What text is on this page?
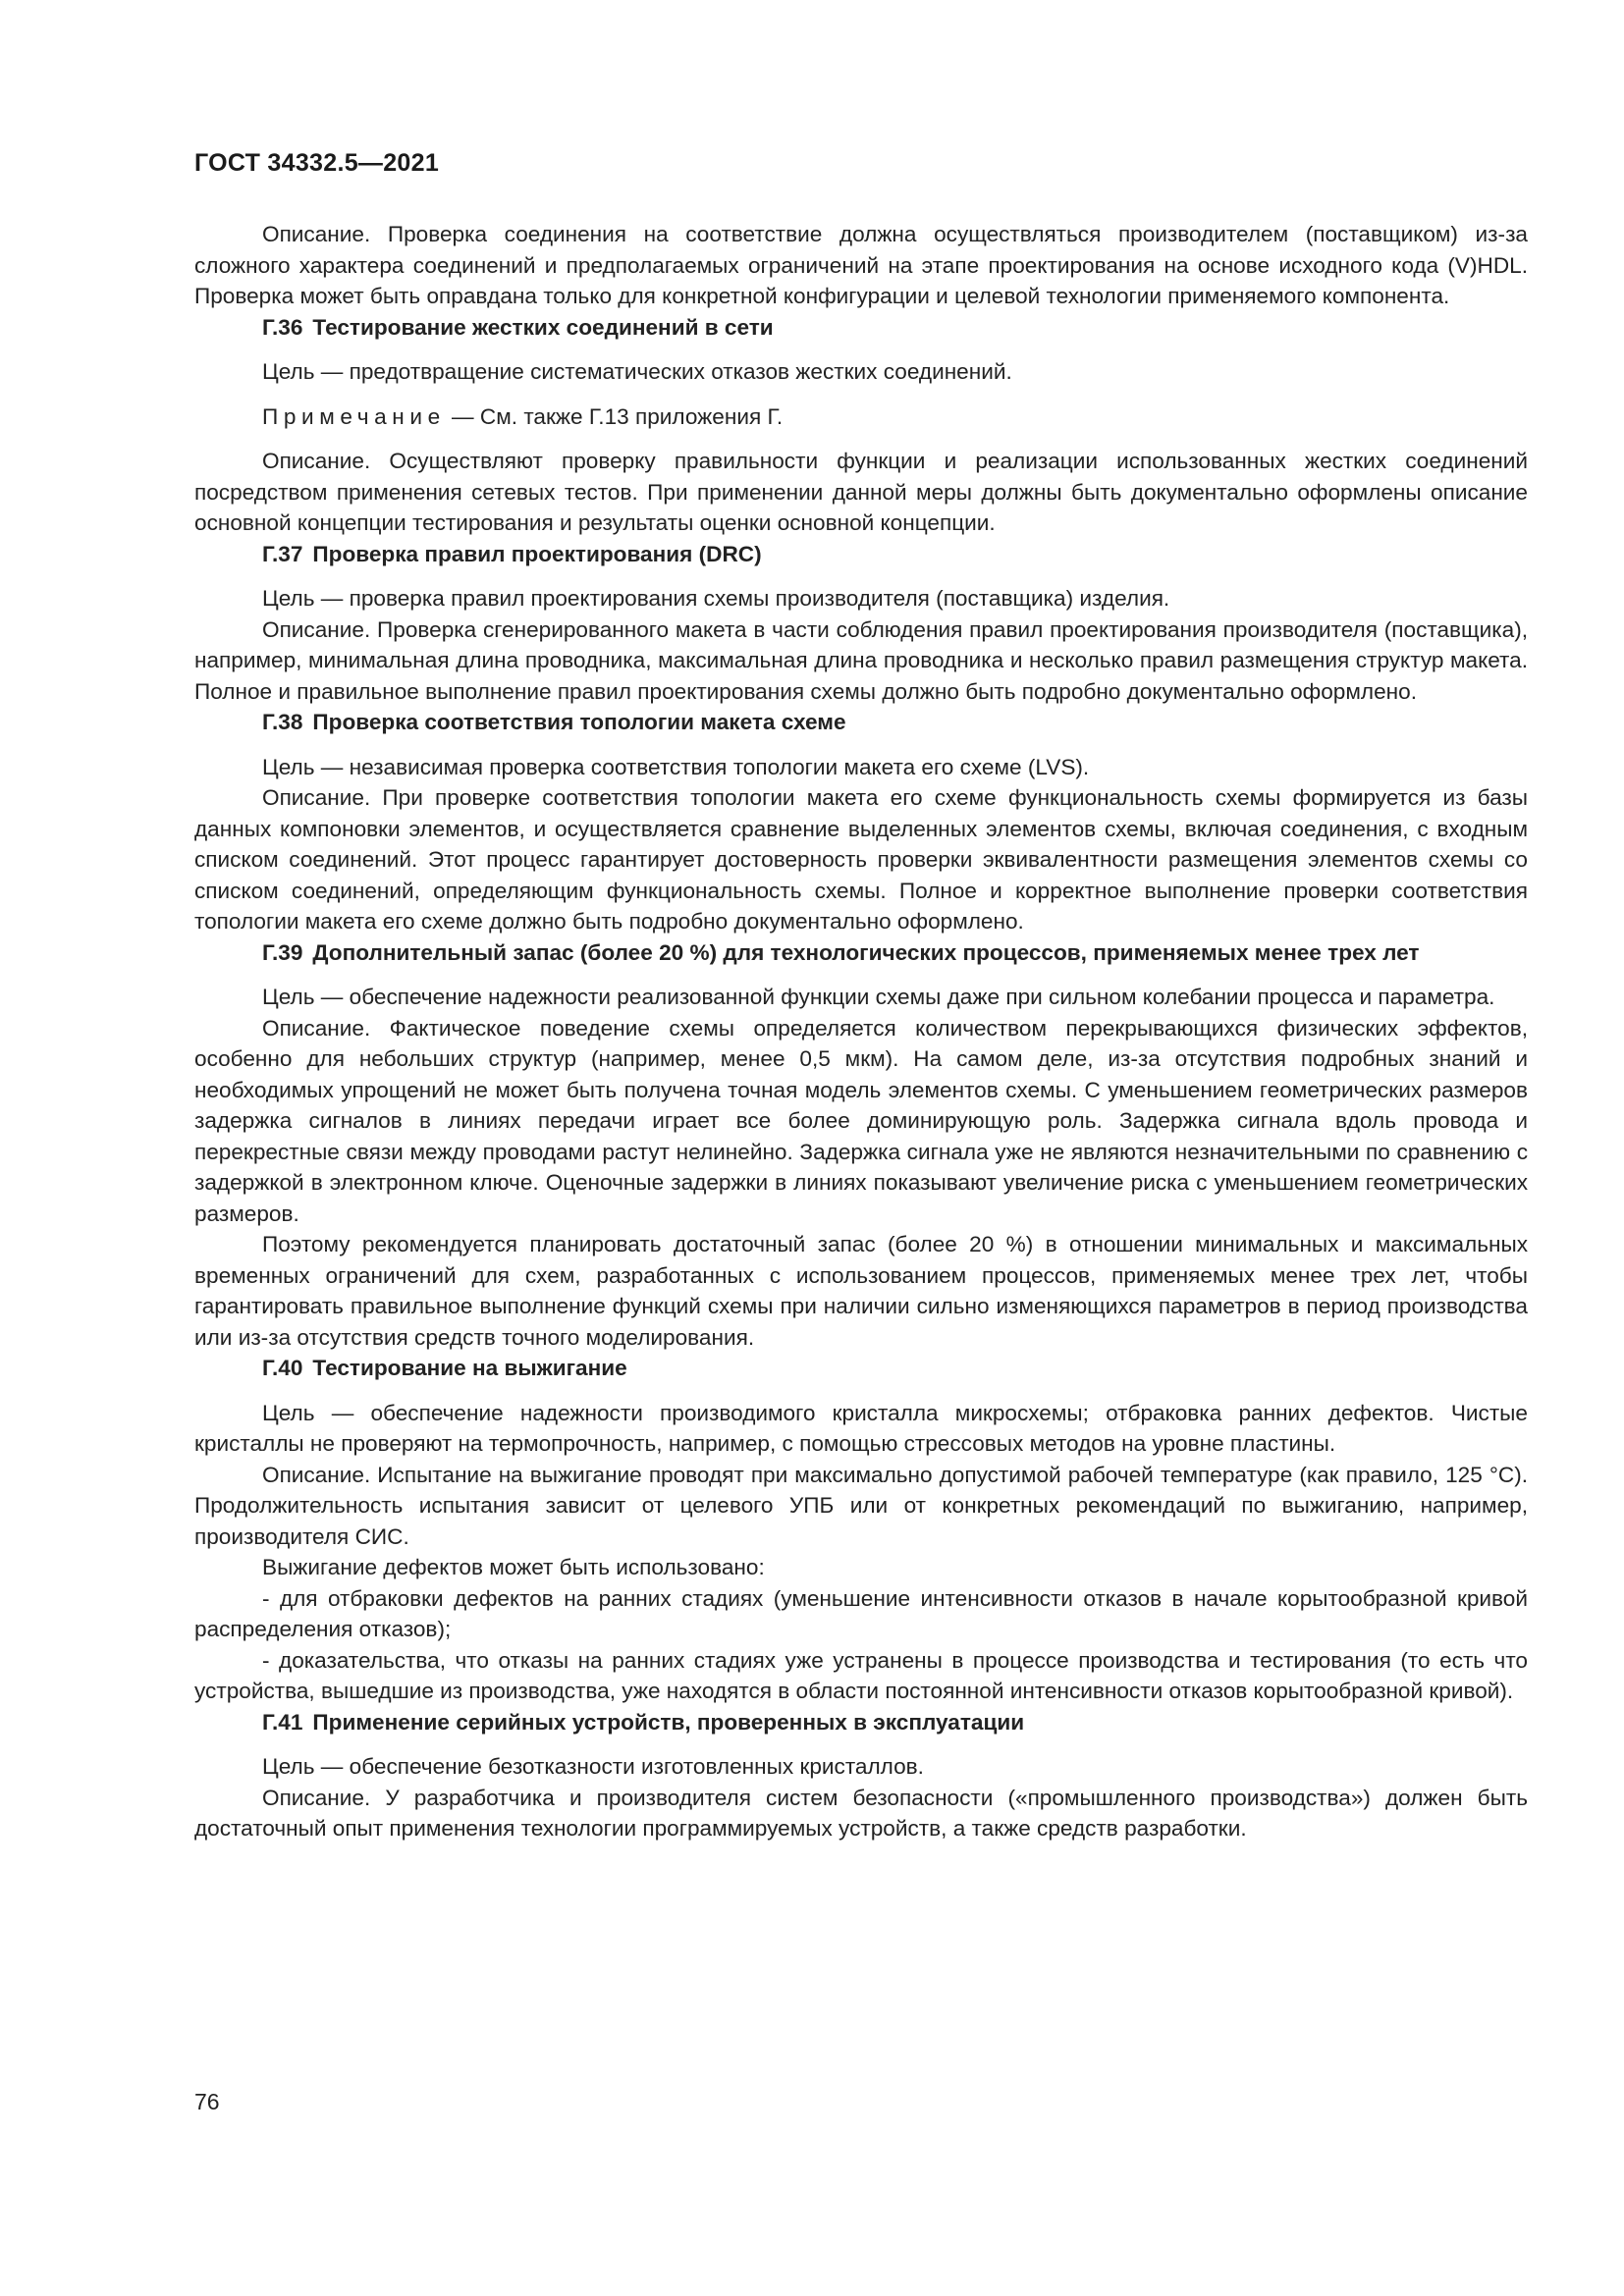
ГОСТ 34332.5—2021

Описание. Проверка соединения на соответствие должна осуществляться производителем (поставщиком) из-за сложного характера соединений и предполагаемых ограничений на этапе проектирования на основе исходного кода (V)HDL. Проверка может быть оправдана только для конкретной конфигурации и целевой технологии применяемого компонента.

Г.36 Тестирование жестких соединений в сети

Цель — предотвращение систематических отказов жестких соединений.

Примечание — См. также Г.13 приложения Г.

Описание. Осуществляют проверку правильности функции и реализации использованных жестких соединений посредством применения сетевых тестов. При применении данной меры должны быть документально оформлены описание основной концепции тестирования и результаты оценки основной концепции.

Г.37 Проверка правил проектирования (DRC)

Цель — проверка правил проектирования схемы производителя (поставщика) изделия.

Описание. Проверка сгенерированного макета в части соблюдения правил проектирования производителя (поставщика), например, минимальная длина проводника, максимальная длина проводника и несколько правил размещения структур макета. Полное и правильное выполнение правил проектирования схемы должно быть подробно документально оформлено.

Г.38 Проверка соответствия топологии макета схеме

Цель — независимая проверка соответствия топологии макета его схеме (LVS).

Описание. При проверке соответствия топологии макета его схеме функциональность схемы формируется из базы данных компоновки элементов, и осуществляется сравнение выделенных элементов схемы, включая соединения, с входным списком соединений. Этот процесс гарантирует достоверность проверки эквивалентности размещения элементов схемы со списком соединений, определяющим функциональность схемы. Полное и корректное выполнение проверки соответствия топологии макета его схеме должно быть подробно документально оформлено.

Г.39 Дополнительный запас (более 20 %) для технологических процессов, применяемых менее трех лет

Цель — обеспечение надежности реализованной функции схемы даже при сильном колебании процесса и параметра.

Описание. Фактическое поведение схемы определяется количеством перекрывающихся физических эффектов, особенно для небольших структур (например, менее 0,5 мкм). На самом деле, из-за отсутствия подробных знаний и необходимых упрощений не может быть получена точная модель элементов схемы. С уменьшением геометрических размеров задержка сигналов в линиях передачи играет все более доминирующую роль. Задержка сигнала вдоль провода и перекрестные связи между проводами растут нелинейно. Задержка сигнала уже не являются незначительными по сравнению с задержкой в электронном ключе. Оценочные задержки в линиях показывают увеличение риска с уменьшением геометрических размеров.

Поэтому рекомендуется планировать достаточный запас (более 20 %) в отношении минимальных и максимальных временных ограничений для схем, разработанных с использованием процессов, применяемых менее трех лет, чтобы гарантировать правильное выполнение функций схемы при наличии сильно изменяющихся параметров в период производства или из-за отсутствия средств точного моделирования.

Г.40 Тестирование на выжигание

Цель — обеспечение надежности производимого кристалла микросхемы; отбраковка ранних дефектов. Чистые кристаллы не проверяют на термопрочность, например, с помощью стрессовых методов на уровне пластины.

Описание. Испытание на выжигание проводят при максимально допустимой рабочей температуре (как правило, 125 °С). Продолжительность испытания зависит от целевого УПБ или от конкретных рекомендаций по выжиганию, например, производителя СИС.

Выжигание дефектов может быть использовано:

- для отбраковки дефектов на ранних стадиях (уменьшение интенсивности отказов в начале корытообразной кривой распределения отказов);

- доказательства, что отказы на ранних стадиях уже устранены в процессе производства и тестирования (то есть что устройства, вышедшие из производства, уже находятся в области постоянной интенсивности отказов корытообразной кривой).

Г.41 Применение серийных устройств, проверенных в эксплуатации

Цель — обеспечение безотказности изготовленных кристаллов.

Описание. У разработчика и производителя систем безопасности («промышленного производства») должен быть достаточный опыт применения технологии программируемых устройств, а также средств разработки.

76
